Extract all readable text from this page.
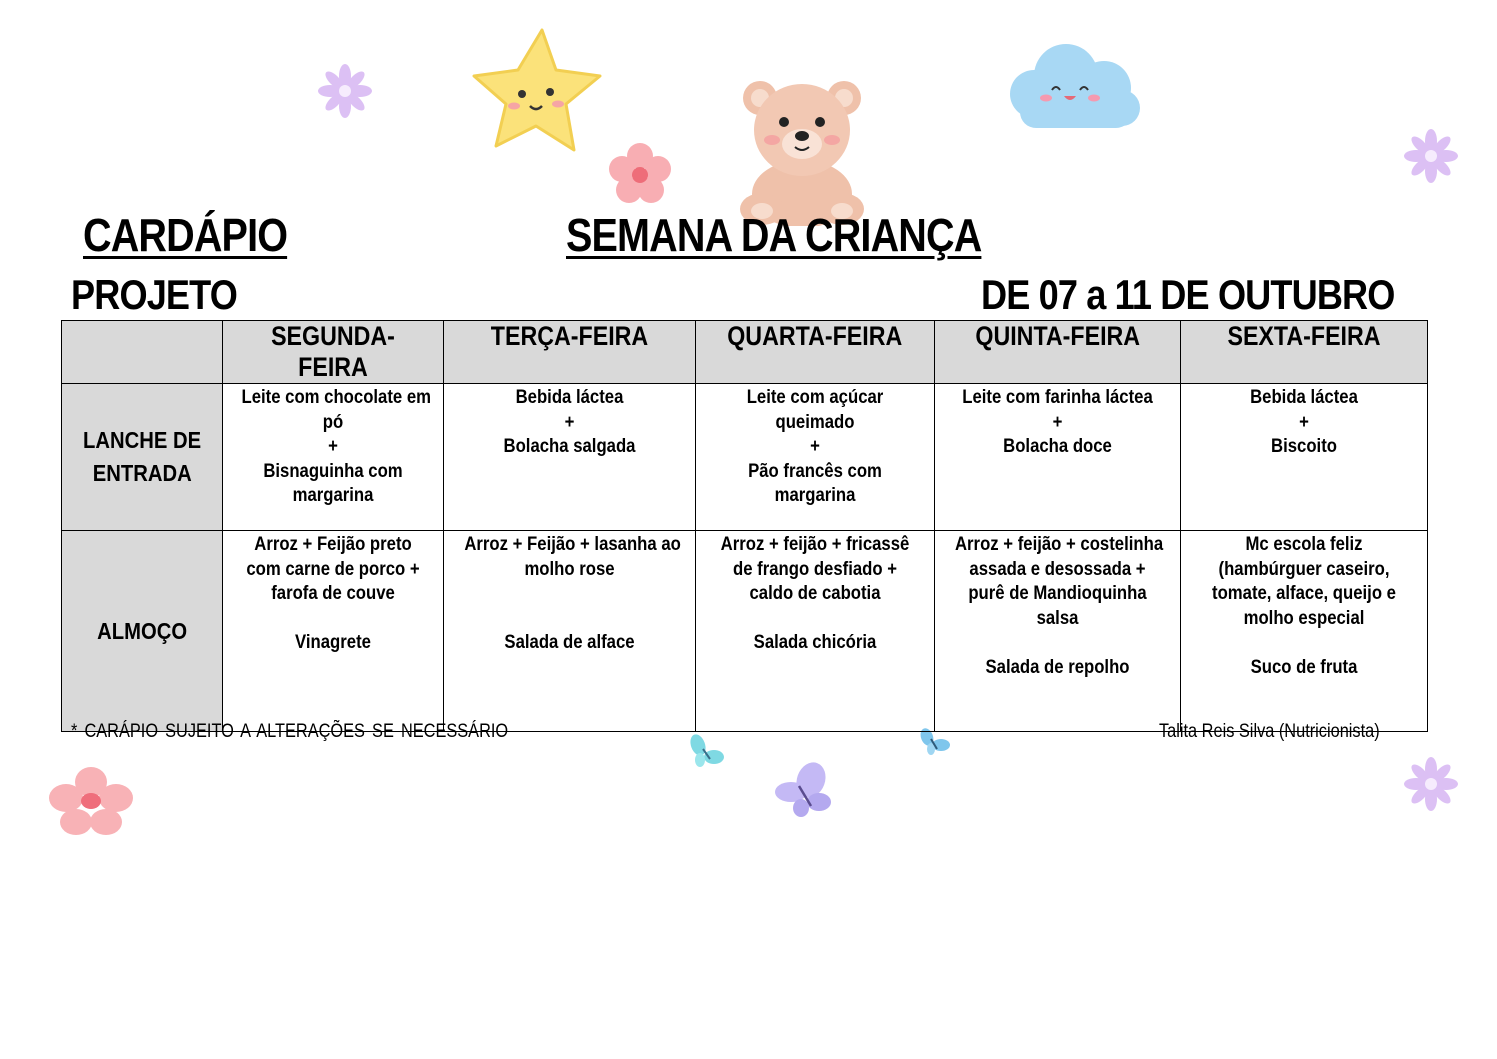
CARDÁPIO	SEMANA DA CRIANÇA
PROJETO	DE 07 a 11 DE OUTUBRO
	SEGUNDA-FEIRA	TERÇA-FEIRA	QUARTA-FEIRA	QUINTA-FEIRA	SEXTA-FEIRA
LANCHE DE
ENTRADA	Leite com chocolate em
pó
+
Bisnaguinha com
margarina	Bebida láctea
+
Bolacha salgada	Leite com açúcar
queimado
+
Pão francês com
margarina	Leite com farinha láctea
+
Bolacha doce	Bebida láctea
+
Biscoito

ALMOÇO	Arroz + Feijão preto
com carne de porco +
farofa de couve
Vinagrete	Arroz + Feijão + lasanha ao
molho rose
Salada de alface	Arroz + feijão + fricassê
de frango desfiado +
caldo de cabotia
Salada chicória	Arroz + feijão + costelinha
assada e desossada +
purê de Mandioquinha
salsa
Salada de repolho	Mc escola feliz
(hambúrguer caseiro,
tomate, alface, queijo e
molho especial
Suco de fruta
* CARÁPIO SUJEITO A ALTERAÇÕES SE NECESSÁRIO	Talita Reis Silva (Nutricionista)
